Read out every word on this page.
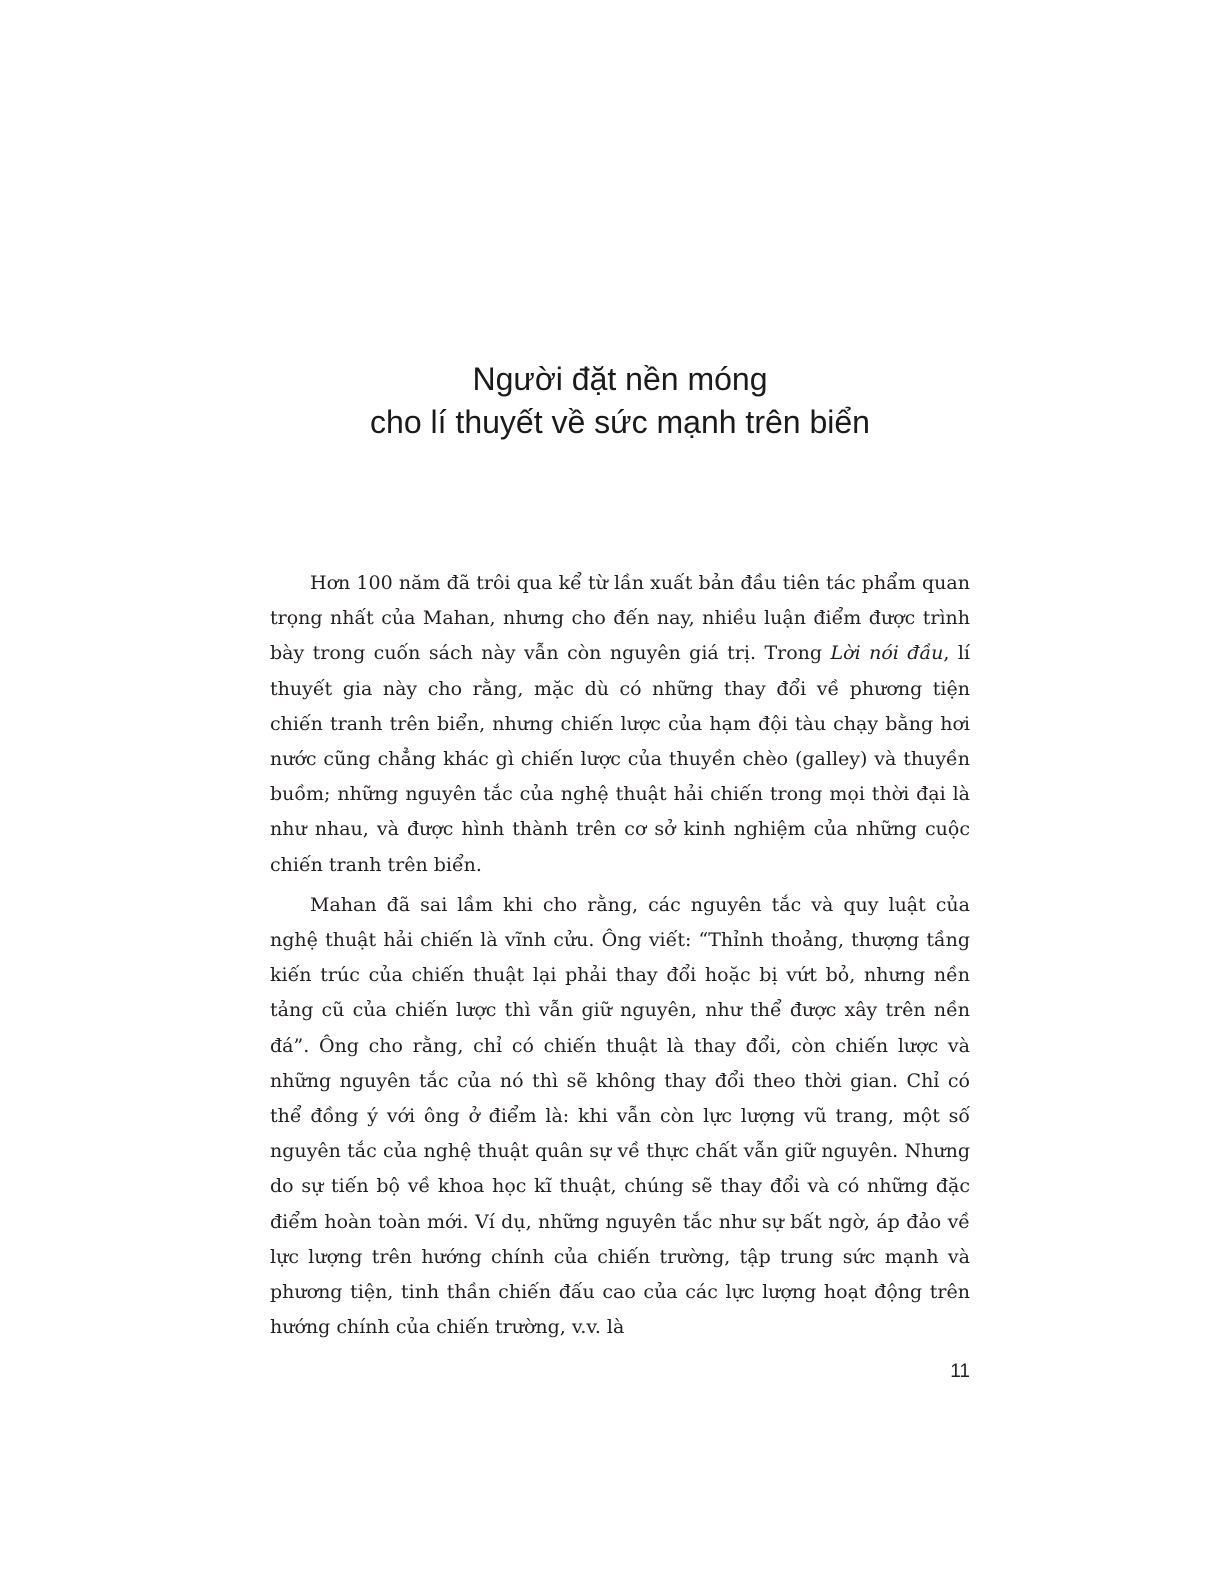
Người đặt nền móng
cho lí thuyết về sức mạnh trên biển

Hơn 100 năm đã trôi qua kể từ lần xuất bản đầu tiên tác phẩm quan trọng nhất của Mahan, nhưng cho đến nay, nhiều luận điểm được trình bày trong cuốn sách này vẫn còn nguyên giá trị. Trong Lời nói đầu, lí thuyết gia này cho rằng, mặc dù có những thay đổi về phương tiện chiến tranh trên biển, nhưng chiến lược của hạm đội tàu chạy bằng hơi nước cũng chẳng khác gì chiến lược của thuyền chèo (galley) và thuyền buồm; những nguyên tắc của nghệ thuật hải chiến trong mọi thời đại là như nhau, và được hình thành trên cơ sở kinh nghiệm của những cuộc chiến tranh trên biển.

Mahan đã sai lầm khi cho rằng, các nguyên tắc và quy luật của nghệ thuật hải chiến là vĩnh cửu. Ông viết: “Thỉnh thoảng, thượng tầng kiến trúc của chiến thuật lại phải thay đổi hoặc bị vứt bỏ, nhưng nền tảng cũ của chiến lược thì vẫn giữ nguyên, như thể được xây trên nền đá”. Ông cho rằng, chỉ có chiến thuật là thay đổi, còn chiến lược và những nguyên tắc của nó thì sẽ không thay đổi theo thời gian. Chỉ có thể đồng ý với ông ở điểm là: khi vẫn còn lực lượng vũ trang, một số nguyên tắc của nghệ thuật quân sự về thực chất vẫn giữ nguyên. Nhưng do sự tiến bộ về khoa học kĩ thuật, chúng sẽ thay đổi và có những đặc điểm hoàn toàn mới. Ví dụ, những nguyên tắc như sự bất ngờ, áp đảo về lực lượng trên hướng chính của chiến trường, tập trung sức mạnh và phương tiện, tinh thần chiến đấu cao của các lực lượng hoạt động trên hướng chính của chiến trường, v.v. là

11
